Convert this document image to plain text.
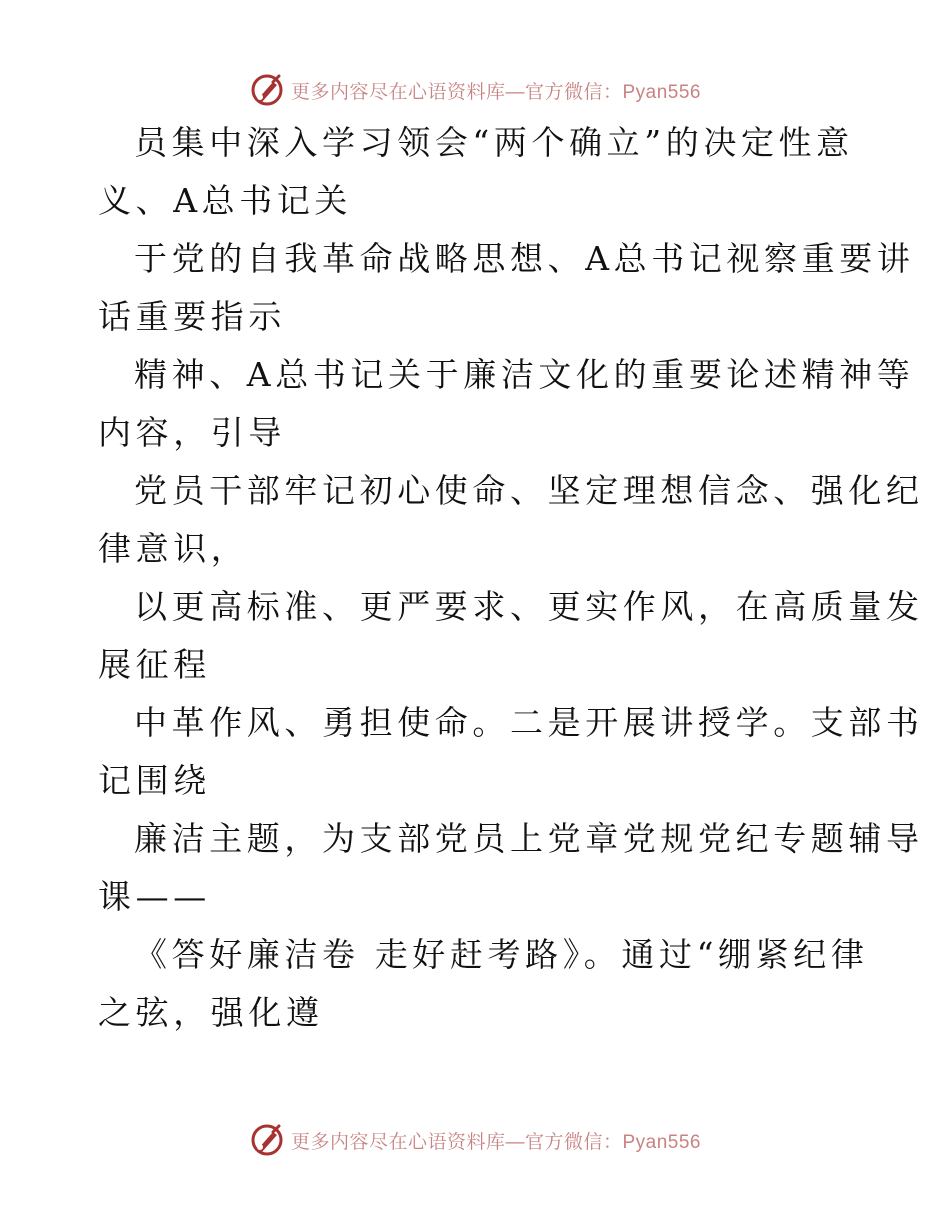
更多内容尽在心语资料库—官方微信：Pyan556

员集中深入学习领会“两个确立”的决定性意
义、A总书记关

于党的自我革命战略思想、A总书记视察重要讲
话重要指示

精神、A总书记关于廉洁文化的重要论述精神等
内容，引导

党员干部牢记初心使命、坚定理想信念、强化纪
律意识，

以更高标准、更严要求、更实作风，在高质量发
展征程

中革作风、勇担使命。二是开展讲授学。支部书
记围绕

廉洁主题，为支部党员上党章党规党纪专题辅导
课——

《答好廉洁卷 走好赶考路》。通过“绷紧纪律
之弦，强化遵

更多内容尽在心语资料库—官方微信：Pyan556
